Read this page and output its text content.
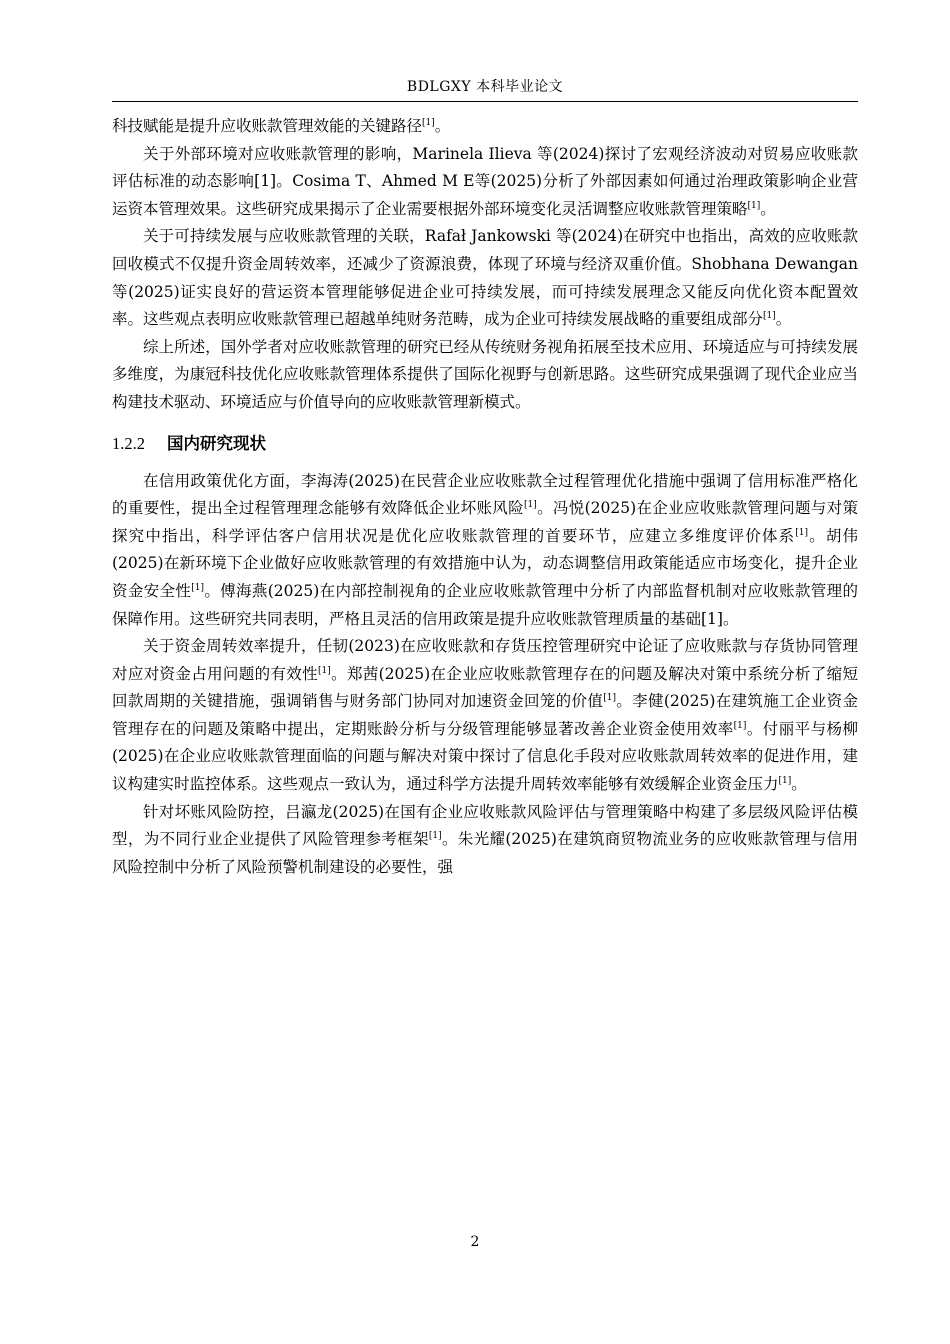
BDLGXY 本科毕业论文

科技赋能是提升应收账款管理效能的关键路径[1]。

关于外部环境对应收账款管理的影响，Marinela Ilieva 等(2024)探讨了宏观经济波动对贸易应收账款评估标准的动态影响[1]。Cosima T、Ahmed M E等(2025)分析了外部因素如何通过治理政策影响企业营运资本管理效果。这些研究成果揭示了企业需要根据外部环境变化灵活调整应收账款管理策略[1]。

关于可持续发展与应收账款管理的关联，Rafał Jankowski 等(2024)在研究中也指出，高效的应收账款回收模式不仅提升资金周转效率，还减少了资源浪费，体现了环境与经济双重价值。Shobhana Dewangan 等(2025)证实良好的营运资本管理能够促进企业可持续发展，而可持续发展理念又能反向优化资本配置效率。这些观点表明应收账款管理已超越单纯财务范畴，成为企业可持续发展战略的重要组成部分[1]。

综上所述，国外学者对应收账款管理的研究已经从传统财务视角拓展至技术应用、环境适应与可持续发展多维度，为康冠科技优化应收账款管理体系提供了国际化视野与创新思路。这些研究成果强调了现代企业应当构建技术驱动、环境适应与价值导向的应收账款管理新模式。

1.2.2 国内研究现状

在信用政策优化方面，李海涛(2025)在民营企业应收账款全过程管理优化措施中强调了信用标准严格化的重要性，提出全过程管理理念能够有效降低企业坏账风险[1]。冯悦(2025)在企业应收账款管理问题与对策探究中指出，科学评估客户信用状况是优化应收账款管理的首要环节，应建立多维度评价体系[1]。胡伟(2025)在新环境下企业做好应收账款管理的有效措施中认为，动态调整信用政策能适应市场变化，提升企业资金安全性[1]。傅海燕(2025)在内部控制视角的企业应收账款管理中分析了内部监督机制对应收账款管理的保障作用。这些研究共同表明，严格且灵活的信用政策是提升应收账款管理质量的基础[1]。

关于资金周转效率提升，任韧(2023)在应收账款和存货压控管理研究中论证了应收账款与存货协同管理对应对资金占用问题的有效性[1]。郑茜(2025)在企业应收账款管理存在的问题及解决对策中系统分析了缩短回款周期的关键措施，强调销售与财务部门协同对加速资金回笼的价值[1]。李健(2025)在建筑施工企业资金管理存在的问题及策略中提出，定期账龄分析与分级管理能够显著改善企业资金使用效率[1]。付丽平与杨柳(2025)在企业应收账款管理面临的问题与解决对策中探讨了信息化手段对应收账款周转效率的促进作用，建议构建实时监控体系。这些观点一致认为，通过科学方法提升周转效率能够有效缓解企业资金压力[1]。

针对坏账风险防控，吕瀛龙(2025)在国有企业应收账款风险评估与管理策略中构建了多层级风险评估模型，为不同行业企业提供了风险管理参考框架[1]。朱光耀(2025)在建筑商贸物流业务的应收账款管理与信用风险控制中分析了风险预警机制建设的必要性，强

2
